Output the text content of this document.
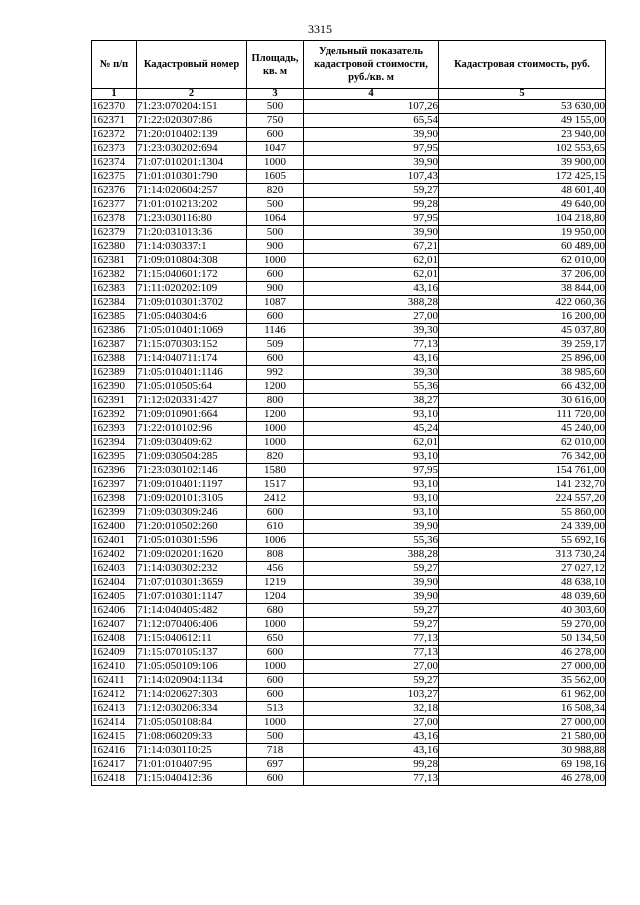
3315
№ п/п	Кадастровый номер	Площадь, кв. м	Удельный показатель кадастровой стоимости, руб./кв. м	Кадастровая стоимость, руб.
1	2	3	4	5
162370	71:23:070204:151	500	107,26	53 630,00
162371	71:22:020307:86	750	65,54	49 155,00
162372	71:20:010402:139	600	39,90	23 940,00
162373	71:23:030202:694	1047	97,95	102 553,65
162374	71:07:010201:1304	1000	39,90	39 900,00
162375	71:01:010301:790	1605	107,43	172 425,15
162376	71:14:020604:257	820	59,27	48 601,40
162377	71:01:010213:202	500	99,28	49 640,00
162378	71:23:030116:80	1064	97,95	104 218,80
162379	71:20:031013:36	500	39,90	19 950,00
162380	71:14:030337:1	900	67,21	60 489,00
162381	71:09:010804:308	1000	62,01	62 010,00
162382	71:15:040601:172	600	62,01	37 206,00
162383	71:11:020202:109	900	43,16	38 844,00
162384	71:09:010301:3702	1087	388,28	422 060,36
162385	71:05:040304:6	600	27,00	16 200,00
162386	71:05:010401:1069	1146	39,30	45 037,80
162387	71:15:070303:152	509	77,13	39 259,17
162388	71:14:040711:174	600	43,16	25 896,00
162389	71:05:010401:1146	992	39,30	38 985,60
162390	71:05:010505:64	1200	55,36	66 432,00
162391	71:12:020331:427	800	38,27	30 616,00
162392	71:09:010901:664	1200	93,10	111 720,00
162393	71:22:010102:96	1000	45,24	45 240,00
162394	71:09:030409:62	1000	62,01	62 010,00
162395	71:09:030504:285	820	93,10	76 342,00
162396	71:23:030102:146	1580	97,95	154 761,00
162397	71:09:010401:1197	1517	93,10	141 232,70
162398	71:09:020101:3105	2412	93,10	224 557,20
162399	71:09:030309:246	600	93,10	55 860,00
162400	71:20:010502:260	610	39,90	24 339,00
162401	71:05:010301:596	1006	55,36	55 692,16
162402	71:09:020201:1620	808	388,28	313 730,24
162403	71:14:030302:232	456	59,27	27 027,12
162404	71:07:010301:3659	1219	39,90	48 638,10
162405	71:07:010301:1147	1204	39,90	48 039,60
162406	71:14:040405:482	680	59,27	40 303,60
162407	71:12:070406:406	1000	59,27	59 270,00
162408	71:15:040612:11	650	77,13	50 134,50
162409	71:15:070105:137	600	77,13	46 278,00
162410	71:05:050109:106	1000	27,00	27 000,00
162411	71:14:020904:1134	600	59,27	35 562,00
162412	71:14:020627:303	600	103,27	61 962,00
162413	71:12:030206:334	513	32,18	16 508,34
162414	71:05:050108:84	1000	27,00	27 000,00
162415	71:08:060209:33	500	43,16	21 580,00
162416	71:14:030110:25	718	43,16	30 988,88
162417	71:01:010407:95	697	99,28	69 198,16
162418	71:15:040412:36	600	77,13	46 278,00
